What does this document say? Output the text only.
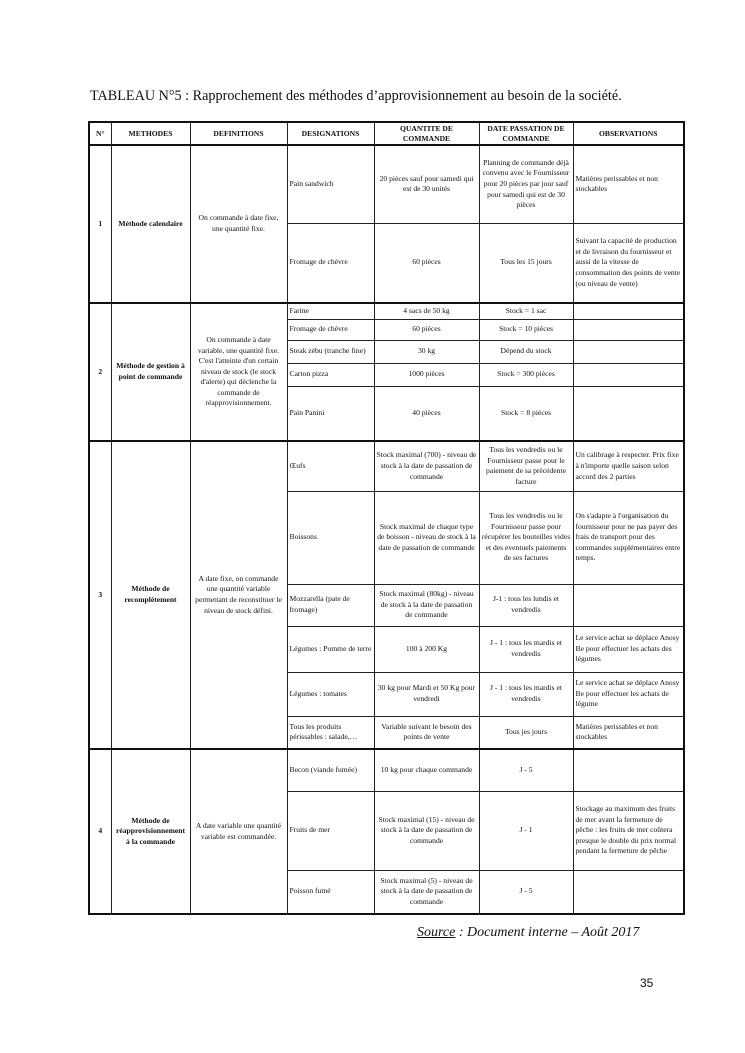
TABLEAU N°5 : Rapprochement des méthodes d’approvisionnement au besoin de la société.
N°	METHODES	DEFINITIONS	DESIGNATIONS	QUANTITE DE COMMANDE	DATE PASSATION DE COMMANDE	OBSERVATIONS
1	Méthode calendaire	On commande à date fixe, une quantité fixe.	Pain sandwich	20 pièces sauf pour samedi qui est de 30 unités	Planning de commande déjà convenu avec le Fournisseur pour 20 pièces par jour sauf pour samedi qui est de 30 pièces	Matières perissables et non stockables
			Fromage de chèvre	60 pièces	Tous les 15 jours	Suivant la capacité de production et de livraison du fournisseur et aussi de la vitesse de consommation des points de vente (ou niveau de vente)
2	Méthode de gestion à point de commande	On commande à date variable, une quantité fixe. C'est l'atteinte d'un certain niveau de stock (le stock d'alerte) qui déclenche la commande de réapprovisionnement.	Farine	4 sacs de 50 kg	Stock = 1 sac	
			Fromage de chèvre	60 pièces	Stock = 10 pièces	
			Steak zébu (tranche fine)	30 kg	Dépend du stock	
			Carton pizza	1000 pièces	Stock = 300 pièces	
			Pain Panini	40 pièces	Stock = 8 pièces	
3	Méthode de recomplètement	A date fixe, on commande une quantité variable permettant de reconstituer le niveau de stock défini.	Œufs	Stock maximal (700) - niveau de stock à la date de passation de commande	Tous les vendredis ou le Fournisseur passe pour le paiement de sa précédente facture	Un calibrage à respecter. Prix fixe à n'importe quelle saison selon accord des 2 parties
			Boissons	Stock maximal de chaque type de boisson - niveau de stock à la date de passation de commande	Tous les vendredis ou le Fournisseur passe pour récupérer les bouteilles vides et des eventuels paiements de ses factures	On s'adapte à l'organisation du fournisseur pour ne pas payer des frais de transport pour des commandes supplémentaires entre temps.
			Mozzarella (pate de fromage)	Stock maximal (80kg) - niveau de stock à la date de passation de commande	J-1 : tous les lundis et vendredis	
			Légumes : Pomme de terre	100 à 200 Kg	J - 1 : tous les mardis et vendredis	Le service achat se déplace Anosy Be pour effectuer les achats des légumes
			Légumes : tomates	30 kg pour Mardi et 50 Kg pour vendredi	J - 1 : tous les mardis et vendredis	Le service achat se déplace Anosy Be pour effectuer les achats de légume
			Tous les produits périssables : salade,…	Variable suivant le besoin des points de vente	Tous jes jours	Matières perissables et non stockables
4	Méthode de réapprovisionnement à la commande	A date variable une quantité variable est commandée.	Becon (viande fumée)	10 kg pour chaque commande	J - 5	
			Fruits de mer	Stock maximal (15) - niveau de stock à la date de passation de commande	J - 1	Stockage au maximum des fruits de mer avant la fermeture de pêche : les fruits de mer coûtera presque le double du prix normal pendant la fermeture de pêche
			Poisson fumé	Stock maximal (5) - niveau de stock à la date de passation de commande	J - 5	
Source : Document interne – Août 2017
35
